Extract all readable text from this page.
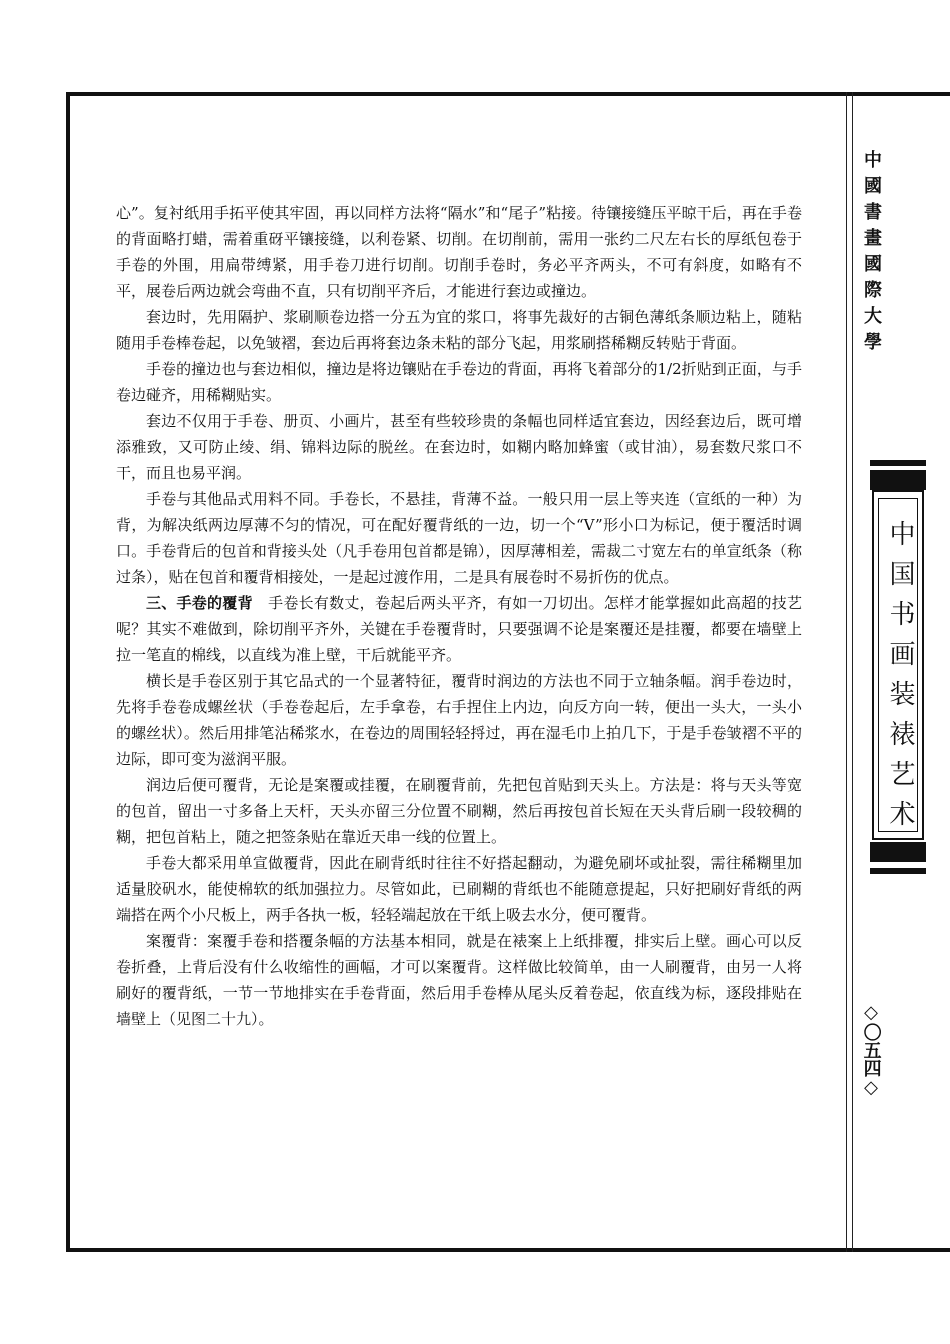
心”。复衬纸用手拓平使其牢固，再以同样方法将“隔水”和“尾子”粘接。待镶接缝压平晾干后，再在手卷的背面略打蜡，需着重砑平镶接缝，以利卷紧、切削。在切削前，需用一张约二尺左右长的厚纸包卷于手卷的外围，用扁带缚紧，用手卷刀进行切削。切削手卷时，务必平齐两头，不可有斜度，如略有不平，展卷后两边就会弯曲不直，只有切削平齐后，才能进行套边或撞边。

套边时，先用隔护、浆刷顺卷边搭一分五为宜的浆口，将事先裁好的古铜色薄纸条顺边粘上，随粘随用手卷棒卷起，以免皱褶，套边后再将套边条未粘的部分飞起，用浆刷搭稀糊反转贴于背面。

手卷的撞边也与套边相似，撞边是将边镶贴在手卷边的背面，再将飞着部分的1/2折贴到正面，与手卷边碰齐，用稀糊贴实。

套边不仅用于手卷、册页、小画片，甚至有些较珍贵的条幅也同样适宜套边，因经套边后，既可增添雅致，又可防止绫、绢、锦料边际的脱丝。在套边时，如糊内略加蜂蜜（或甘油），易套数尺浆口不干，而且也易平润。

手卷与其他品式用料不同。手卷长，不悬挂，背薄不益。一般只用一层上等夹连（宣纸的一种）为背，为解决纸两边厚薄不匀的情况，可在配好覆背纸的一边，切一个“V”形小口为标记，便于覆活时调口。手卷背后的包首和背接头处（凡手卷用包首都是锦），因厚薄相差，需裁二寸宽左右的单宣纸条（称过条），贴在包首和覆背相接处，一是起过渡作用，二是具有展卷时不易折伤的优点。

三、手卷的覆背　手卷长有数丈，卷起后两头平齐，有如一刀切出。怎样才能掌握如此高超的技艺呢？其实不难做到，除切削平齐外，关键在手卷覆背时，只要强调不论是案覆还是挂覆，都要在墙壁上拉一笔直的棉线，以直线为准上壁，干后就能平齐。

横长是手卷区别于其它品式的一个显著特征，覆背时润边的方法也不同于立轴条幅。润手卷边时，先将手卷卷成螺丝状（手卷卷起后，左手拿卷，右手捏住上内边，向反方向一转，便出一头大，一头小的螺丝状）。然后用排笔沾稀浆水，在卷边的周围轻轻捋过，再在湿毛巾上拍几下，于是手卷皱褶不平的边际，即可变为滋润平服。

润边后便可覆背，无论是案覆或挂覆，在刷覆背前，先把包首贴到天头上。方法是：将与天头等宽的包首，留出一寸多备上天杆，天头亦留三分位置不刷糊，然后再按包首长短在天头背后刷一段较稠的糊，把包首粘上，随之把签条贴在靠近天串一线的位置上。

手卷大都采用单宣做覆背，因此在刷背纸时往往不好搭起翻动，为避免刷坏或扯裂，需往稀糊里加适量胶矾水，能使棉软的纸加强拉力。尽管如此，已刷糊的背纸也不能随意提起，只好把刷好背纸的两端搭在两个小尺板上，两手各执一板，轻轻端起放在干纸上吸去水分，便可覆背。

案覆背：案覆手卷和搭覆条幅的方法基本相同，就是在裱案上上纸排覆，排实后上壁。画心可以反卷折叠，上背后没有什么收缩性的画幅，才可以案覆背。这样做比较简单，由一人刷覆背，由另一人将刷好的覆背纸，一节一节地排实在手卷背面，然后用手卷棒从尾头反着卷起，依直线为标，逐段排贴在墙壁上（见图二十九）。

中國書畫國際大學
中国书画装裱艺术
◇〇五四◇
